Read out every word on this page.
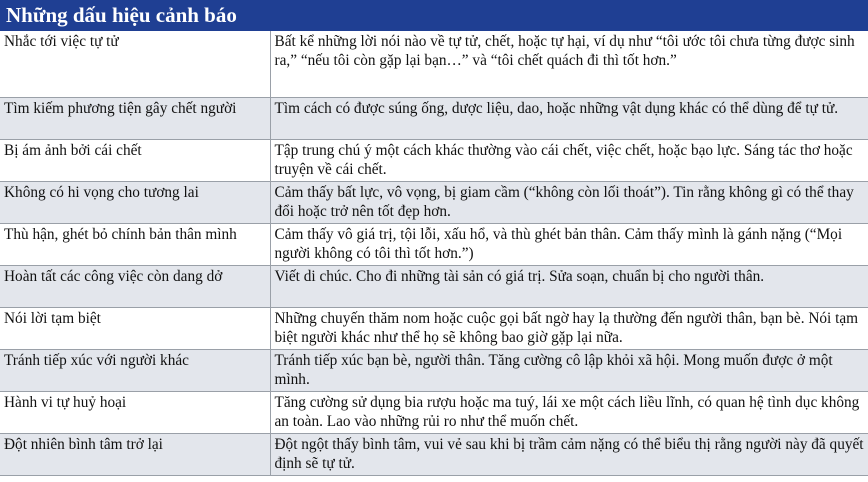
Những dấu hiệu cảnh báo
Nhắc tới việc tự tử	Bất kể những lời nói nào về tự tử, chết, hoặc tự hại, ví dụ như “tôi ước tôi chưa từng được sinh ra,” “nếu tôi còn gặp lại bạn…” và “tôi chết quách đi thì tốt hơn.”
Tìm kiếm phương tiện gây chết người	Tìm cách có được súng ống, dược liệu, dao, hoặc những vật dụng khác có thể dùng để tự tử.
Bị ám ảnh bởi cái chết	Tập trung chú ý một cách khác thường vào cái chết, việc chết, hoặc bạo lực. Sáng tác thơ hoặc truyện về cái chết.
Không có hi vọng cho tương lai	Cảm thấy bất lực, vô vọng, bị giam cầm (“không còn lối thoát”). Tin rằng không gì có thể thay đổi hoặc trở nên tốt đẹp hơn.
Thù hận, ghét bỏ chính bản thân mình	Cảm thấy vô giá trị, tội lỗi, xấu hổ, và thù ghét bản thân. Cảm thấy mình là gánh nặng (“Mọi người không có tôi thì tốt hơn.”)
Hoàn tất các công việc còn dang dở	Viết di chúc. Cho đi những tài sản có giá trị. Sửa soạn, chuẩn bị cho người thân.
Nói lời tạm biệt	Những chuyến thăm nom hoặc cuộc gọi bất ngờ hay lạ thường đến người thân, bạn bè. Nói tạm biệt người khác như thể họ sẽ không bao giờ gặp lại nữa.
Tránh tiếp xúc với người khác	Tránh tiếp xúc bạn bè, người thân. Tăng cường cô lập khỏi xã hội. Mong muốn được ở một mình.
Hành vi tự huỷ hoại	Tăng cường sử dụng bia rượu hoặc ma tuý, lái xe một cách liều lĩnh, có quan hệ tình dục không an toàn. Lao vào những rủi ro như thể muốn chết.
Đột nhiên bình tâm trở lại	Đột ngột thấy bình tâm, vui vẻ sau khi bị trầm cảm nặng có thể biểu thị rằng người này đã quyết định sẽ tự tử.
